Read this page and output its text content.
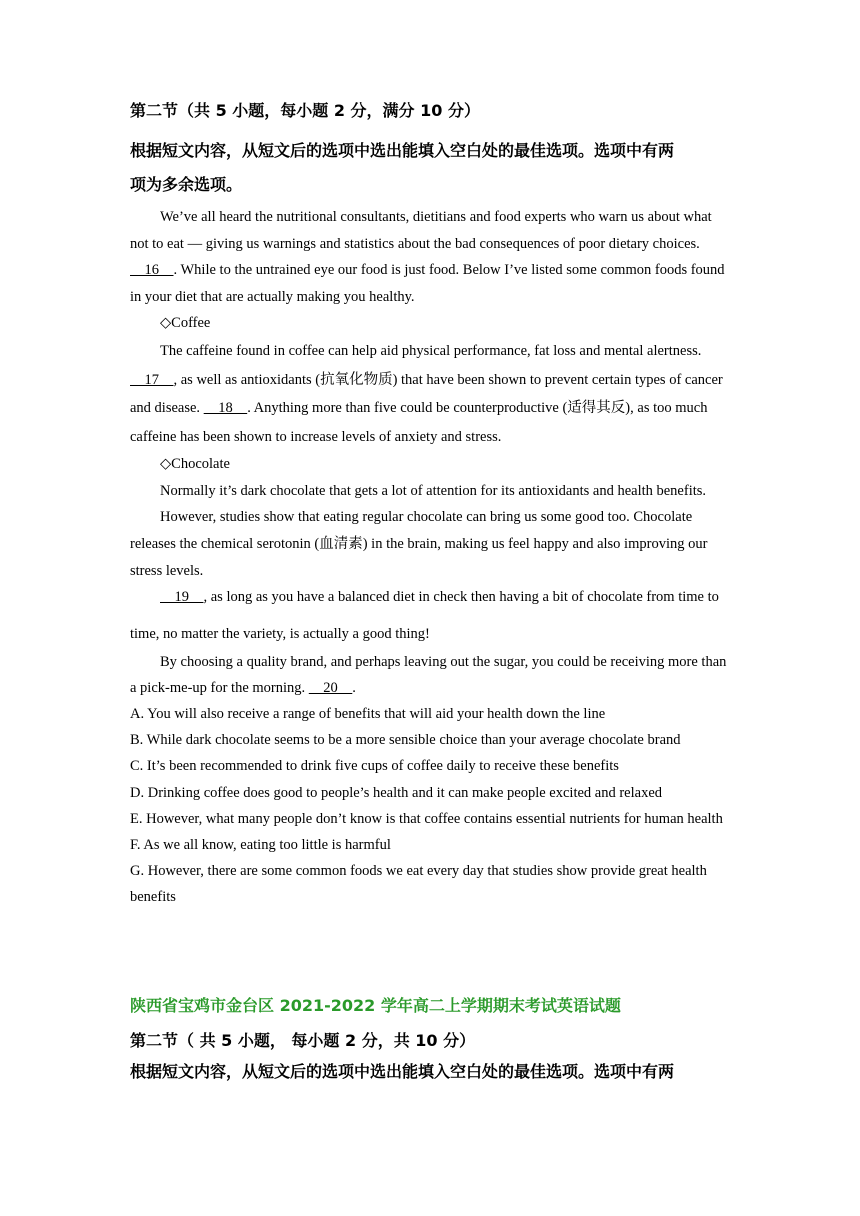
第二节（共 5 小题，每小题 2 分，满分 10 分）

根据短文内容，从短文后的选项中选出能填入空白处的最佳选项。选项中有两

项为多余选项。

We’ve all heard the nutritional consultants, dietitians and food experts who warn us about what not to eat — giving us warnings and statistics about the bad consequences of poor dietary choices.     16    . While to the untrained eye our food is just food. Below I’ve listed some common foods found in your diet that are actually making you healthy.

◇Coffee

The caffeine found in coffee can help aid physical performance, fat loss and mental alertness.     17    , as well as antioxidants (抗氧化物质) that have been shown to prevent certain types of cancer and disease.     18    . Anything more than five could be counterproductive (适得其反), as too much caffeine has been shown to increase levels of anxiety and stress.

◇Chocolate

Normally it’s dark chocolate that gets a lot of attention for its antioxidants and health benefits.

However, studies show that eating regular chocolate can bring us some good too. Chocolate releases the chemical serotonin (血清素) in the brain, making us feel happy and also improving our stress levels.

19    , as long as you have a balanced diet in check then having a bit of chocolate from time to time, no matter the variety, is actually a good thing!

By choosing a quality brand, and perhaps leaving out the sugar, you could be receiving more than a pick-me-up for the morning.     20    .

A. You will also receive a range of benefits that will aid your health down the line

B. While dark chocolate seems to be a more sensible choice than your average chocolate brand

C. It’s been recommended to drink five cups of coffee daily to receive these benefits

D. Drinking coffee does good to people’s health and it can make people excited and relaxed

E. However, what many people don’t know is that coffee contains essential nutrients for human health

F. As we all know, eating too little is harmful

G. However, there are some common foods we eat every day that studies show provide great health benefits

陕西省宝鸡市金台区 2021-2022 学年高二上学期期末考试英语试题

第二节（ 共 5 小题， 每小题 2 分，共 10 分）

根据短文内容，从短文后的选项中选出能填入空白处的最佳选项。选项中有两
